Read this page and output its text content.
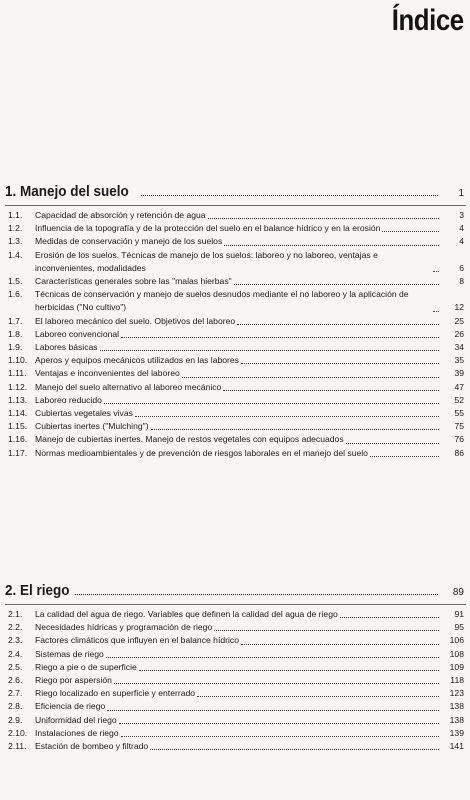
Índice
1. Manejo del suelo	1
1.1.	Capacidad de absorción y retención de agua	3
1.2.	Influencia de la topografía y de la protección del suelo en el balance hídrico y en la erosión	4
1.3.	Medidas de conservación y manejo de los suelos	4
1.4.	Erosión de los suelos. Técnicas de manejo de los suelos: laboreo y no laboreo, ventajas e inconvenientes, modalidades	6
1.5.	Características generales sobre las "malas hierbas"	8
1.6.	Técnicas de conservación y manejo de suelos desnudos mediante el no laboreo y la aplicación de herbicidas ("No cultivo")	12
1.7.	El laboreo mecánico del suelo. Objetivos del laboreo	25
1.8.	Laboreo convencional	26
1.9.	Labores básicas	34
1.10. Aperos y equipos mecánicos utilizados en las labores	35
1.11. Ventajas e inconvenientes del laboreo	39
1.12. Manejo del suelo alternativo al laboreo mecánico	47
1.13. Laboreo reducido	52
1.14. Cubiertas vegetales vivas	55
1.15. Cubiertas inertes ("Mulching")	75
1.16. Manejo de cubiertas inertes. Manejo de restos vegetales con equipos adecuados	76
1.17. Normas medioambientales y de prevención de riesgos laborales en el manejo del suelo	86
2. El riego	89
2.1.	La calidad del agua de riego. Variables que definen la calidad del agua de riego	91
2.2.	Necesidades hídricas y programación de riego	95
2.3.	Factores climáticos que influyen en el balance hídrico	106
2.4.	Sistemas de riego	108
2.5.	Riego a pie o de superficie	109
2.6.	Riego por aspersión	118
2.7.	Riego localizado en superficie y enterrado	123
2.8.	Eficiencia de riego	138
2.9.	Uniformidad del riego	138
2.10. Instalaciones de riego	139
2.11. Estación de bombeo y filtrado	141
